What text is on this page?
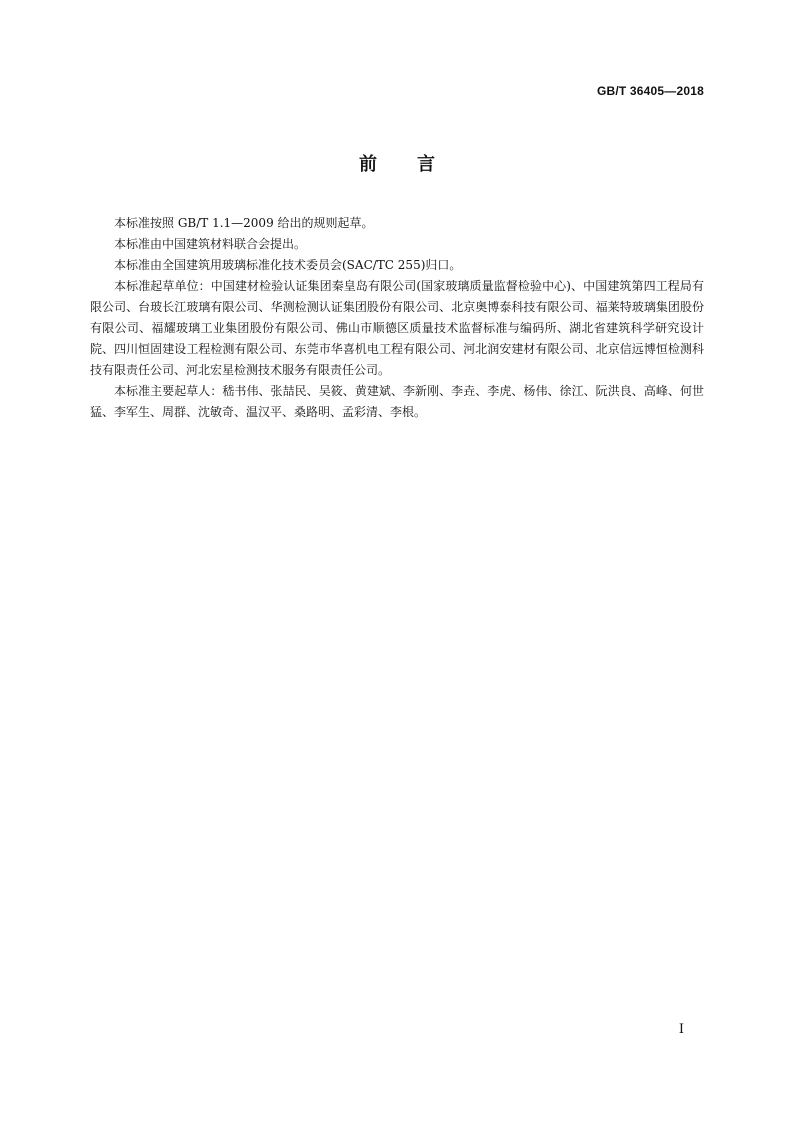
GB/T 36405—2018
前言

本标准按照 GB/T 1.1—2009 给出的规则起草。

本标准由中国建筑材料联合会提出。

本标准由全国建筑用玻璃标准化技术委员会(SAC/TC 255)归口。

本标准起草单位：中国建材检验认证集团秦皇岛有限公司(国家玻璃质量监督检验中心)、中国建筑第四工程局有限公司、台玻长江玻璃有限公司、华测检测认证集团股份有限公司、北京奥博泰科技有限公司、福莱特玻璃集团股份有限公司、福耀玻璃工业集团股份有限公司、佛山市顺德区质量技术监督标准与编码所、湖北省建筑科学研究设计院、四川恒固建设工程检测有限公司、东莞市华喜机电工程有限公司、河北润安建材有限公司、北京信远博恒检测科技有限责任公司、河北宏星检测技术服务有限责任公司。

本标准主要起草人：嵇书伟、张喆民、吴筱、黄建斌、李新刚、李垚、李虎、杨伟、徐江、阮洪良、高峰、何世猛、李军生、周群、沈敏奇、温汉平、桑路明、孟彩清、李根。

I
